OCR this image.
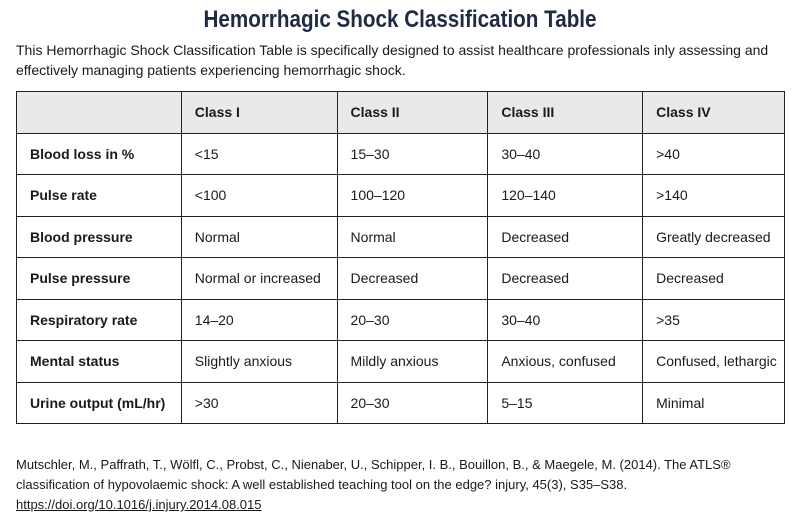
Hemorrhagic Shock Classification Table
This Hemorrhagic Shock Classification Table is specifically designed to assist healthcare professionals inly assessing and effectively managing patients experiencing hemorrhagic shock.
	Class I	Class II	Class III	Class IV
Blood loss in %	<15	15–30	30–40	>40
Pulse rate	<100	100–120	120–140	>140
Blood pressure	Normal	Normal	Decreased	Greatly decreased
Pulse pressure	Normal or increased	Decreased	Decreased	Decreased
Respiratory rate	14–20	20–30	30–40	>35
Mental status	Slightly anxious	Mildly anxious	Anxious, confused	Confused, lethargic
Urine output (mL/hr)	>30	20–30	5–15	Minimal
Mutschler, M., Paffrath, T., Wölfl, C., Probst, C., Nienaber, U., Schipper, I. B., Bouillon, B., & Maegele, M. (2014). The ATLS® classification of hypovolaemic shock: A well established teaching tool on the edge? injury, 45(3), S35–S38. https://doi.org/10.1016/j.injury.2014.08.015
